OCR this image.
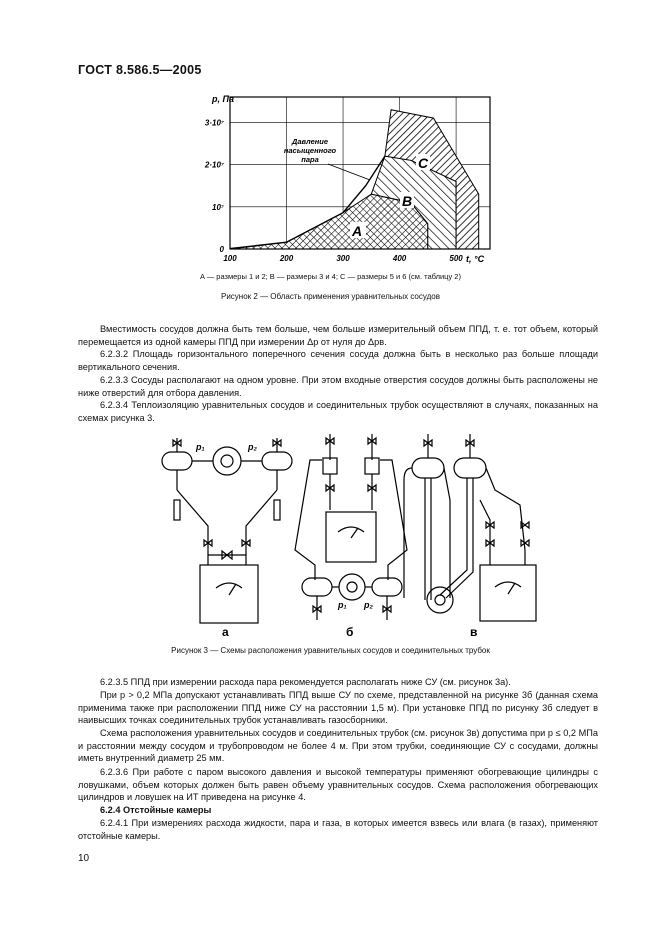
ГОСТ 8.586.5—2005
p, Па
t, °C
100	200	300	400	500
0
10⁷
2·10⁷
3·10⁷
Давление
насыщенного
пара
A
B
C
A — размеры 1 и 2; B — размеры 3 и 4; C — размеры 5 и 6 (см. таблицу 2)
Рисунок 2 — Область применения уравнительных сосудов
Вместимость сосудов должна быть тем больше, чем больше измерительный объем ППД, т. е. тот объем, который перемещается из одной камеры ППД при измерении Δp от нуля до Δpв.
6.2.3.2 Площадь горизонтального поперечного сечения сосуда должна быть в несколько раз больше площади вертикального сечения.
6.2.3.3 Сосуды располагают на одном уровне. При этом входные отверстия сосудов должны быть расположены не ниже отверстий для отбора давления.
6.2.3.4 Теплоизоляцию уравнительных сосудов и соединительных трубок осуществляют в случаях, показанных на схемах рисунка 3.
p₁	p₂
p₁ p₂
а	б	в
Рисунок 3 — Схемы расположения уравнительных сосудов и соединительных трубок
6.2.3.5 ППД при измерении расхода пара рекомендуется располагать ниже СУ (см. рисунок 3а).
При p > 0,2 МПа допускают устанавливать ППД выше СУ по схеме, представленной на рисунке 3б (данная схема применима также при расположении ППД ниже СУ на расстоянии 1,5 м). При установке ППД по рисунку 3б следует в наивысших точках соединительных трубок устанавливать газосборники.
Схема расположения уравнительных сосудов и соединительных трубок (см. рисунок 3в) допустима при p ≤ 0,2 МПа и расстоянии между сосудом и трубопроводом не более 4 м. При этом трубки, соединяющие СУ с сосудами, должны иметь внутренний диаметр 25 мм.
6.2.3.6 При работе с паром высокого давления и высокой температуры применяют обогревающие цилиндры с ловушками, объем которых должен быть равен объему уравнительных сосудов. Схема расположения обогревающих цилиндров и ловушек на ИТ приведена на рисунке 4.
6.2.4 Отстойные камеры
6.2.4.1 При измерениях расхода жидкости, пара и газа, в которых имеется взвесь или влага (в газах), применяют отстойные камеры.
10
